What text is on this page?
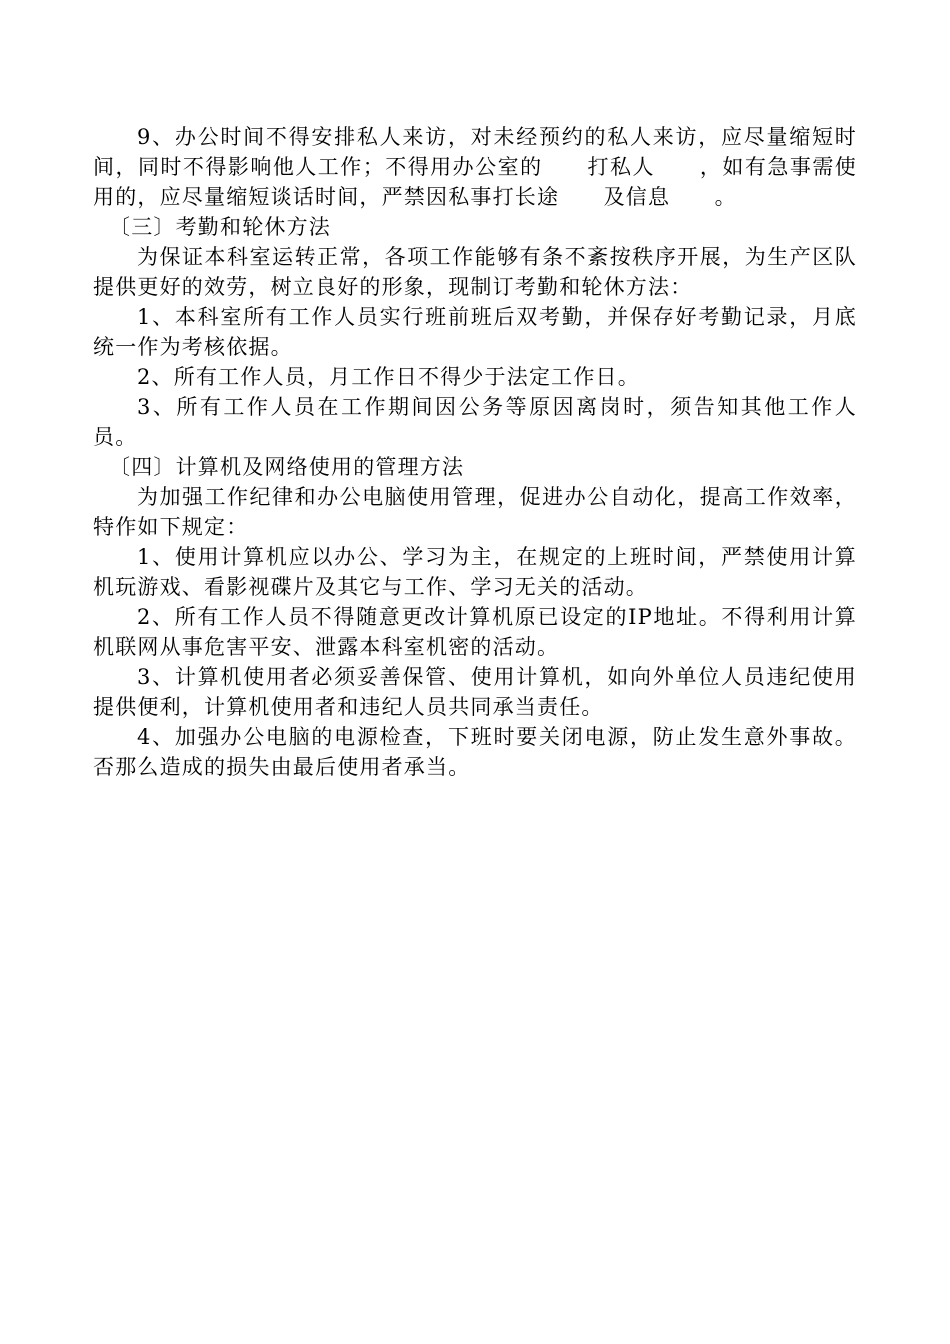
9、办公时间不得安排私人来访，对未经预约的私人来访，应尽量缩短时间，同时不得影响他人工作；不得用办公室的　　打私人　　，如有急事需使用的，应尽量缩短谈话时间，严禁因私事打长途　　及信息　　。

〔三〕考勤和轮休方法

为保证本科室运转正常，各项工作能够有条不紊按秩序开展，为生产区队提供更好的效劳，树立良好的形象，现制订考勤和轮休方法：

1、本科室所有工作人员实行班前班后双考勤，并保存好考勤记录，月底统一作为考核依据。

2、所有工作人员，月工作日不得少于法定工作日。

3、所有工作人员在工作期间因公务等原因离岗时，须告知其他工作人员。

〔四〕计算机及网络使用的管理方法

为加强工作纪律和办公电脑使用管理，促进办公自动化，提高工作效率，特作如下规定：

1、使用计算机应以办公、学习为主，在规定的上班时间，严禁使用计算机玩游戏、看影视碟片及其它与工作、学习无关的活动。

2、所有工作人员不得随意更改计算机原已设定的IP地址。不得利用计算机联网从事危害平安、泄露本科室机密的活动。

3、计算机使用者必须妥善保管、使用计算机，如向外单位人员违纪使用提供便利，计算机使用者和违纪人员共同承当责任。

4、加强办公电脑的电源检查，下班时要关闭电源，防止发生意外事故。否那么造成的损失由最后使用者承当。
